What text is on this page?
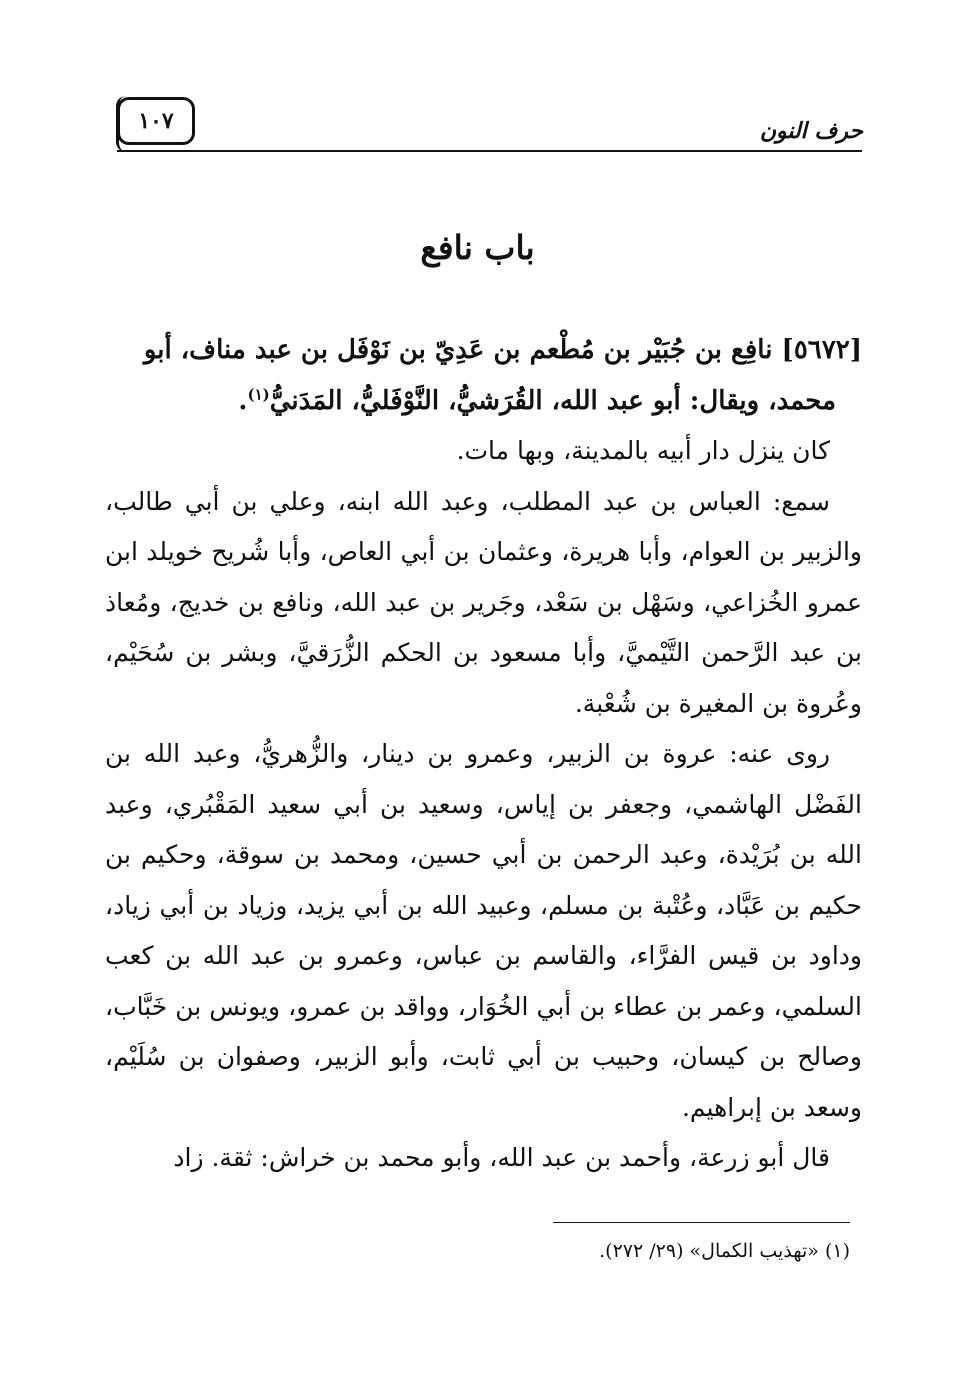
١٠٧	حرف النون
باب نافع

[٥٦٧٢] نافِع بن جُبَيْر بن مُطْعم بن عَدِيّ بن نَوْفَل بن عبد مناف، أبو
محمد، ويقال: أبو عبد الله، القُرَشيُّ، النَّوْفَليُّ، المَدَنيُّ$^{(١)}$.

كان ينزل دار أبيه بالمدينة، وبها مات.

سمع: العباس بن عبد المطلب، وعبد الله ابنه، وعلي بن أبي طالب، والزبير بن العوام، وأبا هريرة، وعثمان بن أبي العاص، وأبا شُريح خويلد ابن عمرو الخُزاعي، وسَهْل بن سَعْد، وجَرير بن عبد الله، ونافع بن خديج، ومُعاذ بن عبد الرَّحمن التَّيْميَّ، وأبا مسعود بن الحكم الزُّرَقيَّ، وبشر بن سُحَيْم، وعُروة بن المغيرة بن شُعْبة.

روى عنه: عروة بن الزبير، وعمرو بن دينار، والزُّهريُّ، وعبد الله بن الفَضْل الهاشمي، وجعفر بن إياس، وسعيد بن أبي سعيد المَقْبُري، وعبد الله بن بُرَيْدة، وعبد الرحمن بن أبي حسين، ومحمد بن سوقة، وحكيم بن حكيم بن عَبَّاد، وعُتْبة بن مسلم، وعبيد الله بن أبي يزيد، وزياد بن أبي زياد، وداود بن قيس الفرَّاء، والقاسم بن عباس، وعمرو بن عبد الله بن كعب السلمي، وعمر بن عطاء بن أبي الخُوَار، وواقد بن عمرو، ويونس بن خَبَّاب، وصالح بن كيسان، وحبيب بن أبي ثابت، وأبو الزبير، وصفوان بن سُلَيْم، وسعد بن إبراهيم.

قال أبو زرعة، وأحمد بن عبد الله، وأبو محمد بن خراش: ثقة. زاد

(١) «تهذيب الكمال» (٢٩/ ٢٧٢).
